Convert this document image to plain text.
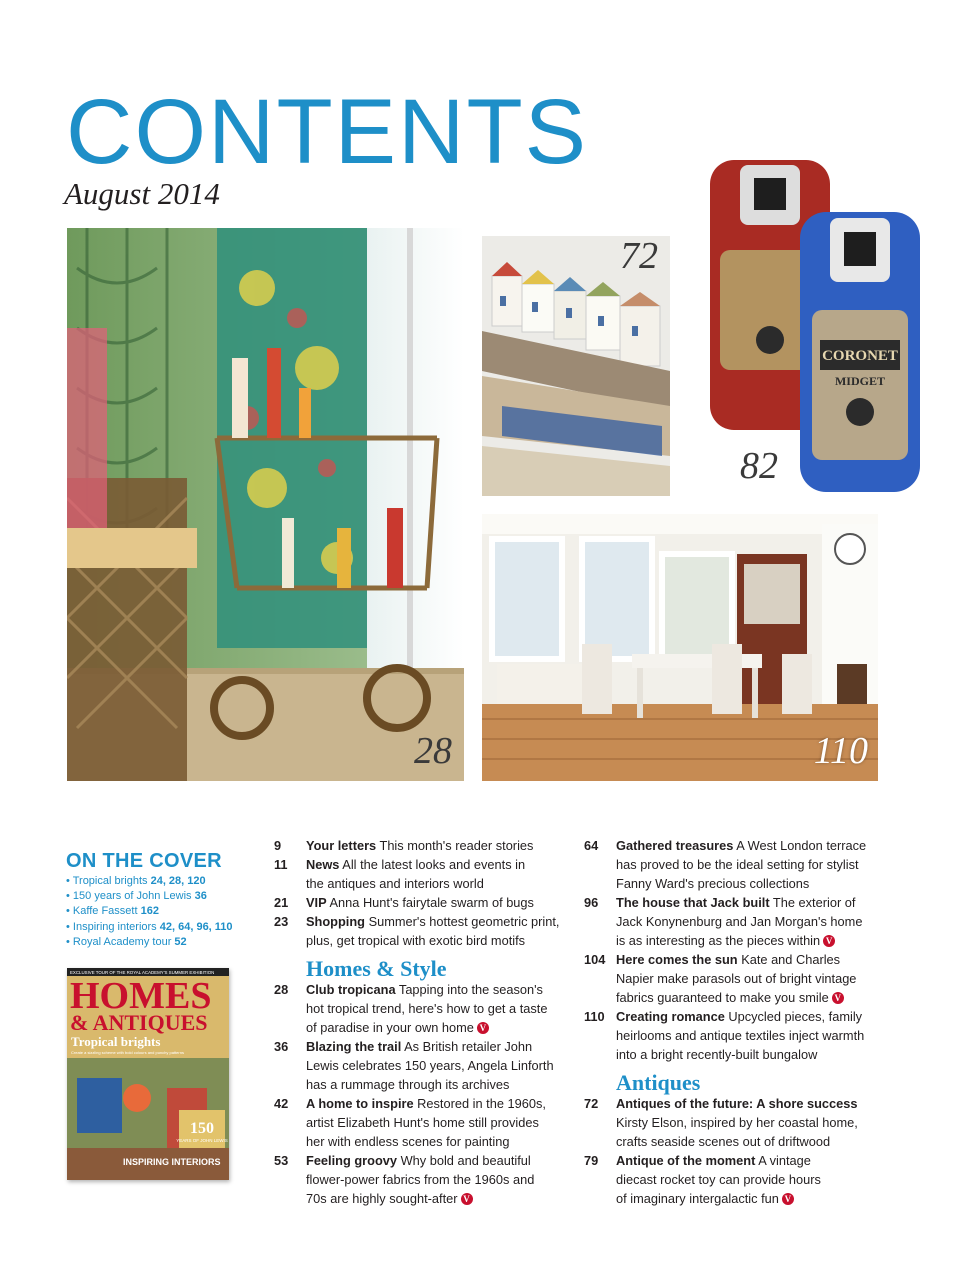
CONTENTS

August 2014

28
72
CORONET
MIDGET
82
110
ON THE COVER
• Tropical brights 24, 28, 120
• 150 years of John Lewis 36
• Kaffe Fassett 162
• Inspiring interiors 42, 64, 96, 110
• Royal Academy tour 52
EXCLUSIVE TOUR OF THE ROYAL ACADEMY'S SUMMER EXHIBITION
HOMES
& ANTIQUES
Tropical brights
Create a sizzling scheme with bold colours and punchy patterns
150
YEARS OF JOHN LEWIS
INSPIRING INTERIORS
9	Your letters This month's reader stories
11	News All the latest looks and events in
the antiques and interiors world
21	VIP Anna Hunt's fairytale swarm of bugs
23	Shopping Summer's hottest geometric print,
plus, get tropical with exotic bird motifs
Homes & Style
28	Club tropicana Tapping into the season's
hot tropical trend, here's how to get a taste
of paradise in your own home V
36	Blazing the trail As British retailer John
Lewis celebrates 150 years, Angela Linforth
has a rummage through its archives
42	A home to inspire Restored in the 1960s,
artist Elizabeth Hunt's home still provides
her with endless scenes for painting
53	Feeling groovy Why bold and beautiful
flower-power fabrics from the 1960s and
70s are highly sought-after V
64	Gathered treasures A West London terrace
has proved to be the ideal setting for stylist
Fanny Ward's precious collections
96	The house that Jack built The exterior of
Jack Konynenburg and Jan Morgan's home
is as interesting as the pieces within V
104 Here comes the sun Kate and Charles
Napier make parasols out of bright vintage
fabrics guaranteed to make you smile V
110 Creating romance Upcycled pieces, family
heirlooms and antique textiles inject warmth
into a bright recently-built bungalow
Antiques
72	Antiques of the future: A shore success
Kirsty Elson, inspired by her coastal home,
crafts seaside scenes out of driftwood
79	Antique of the moment A vintage
diecast rocket toy can provide hours
of imaginary intergalactic fun V
